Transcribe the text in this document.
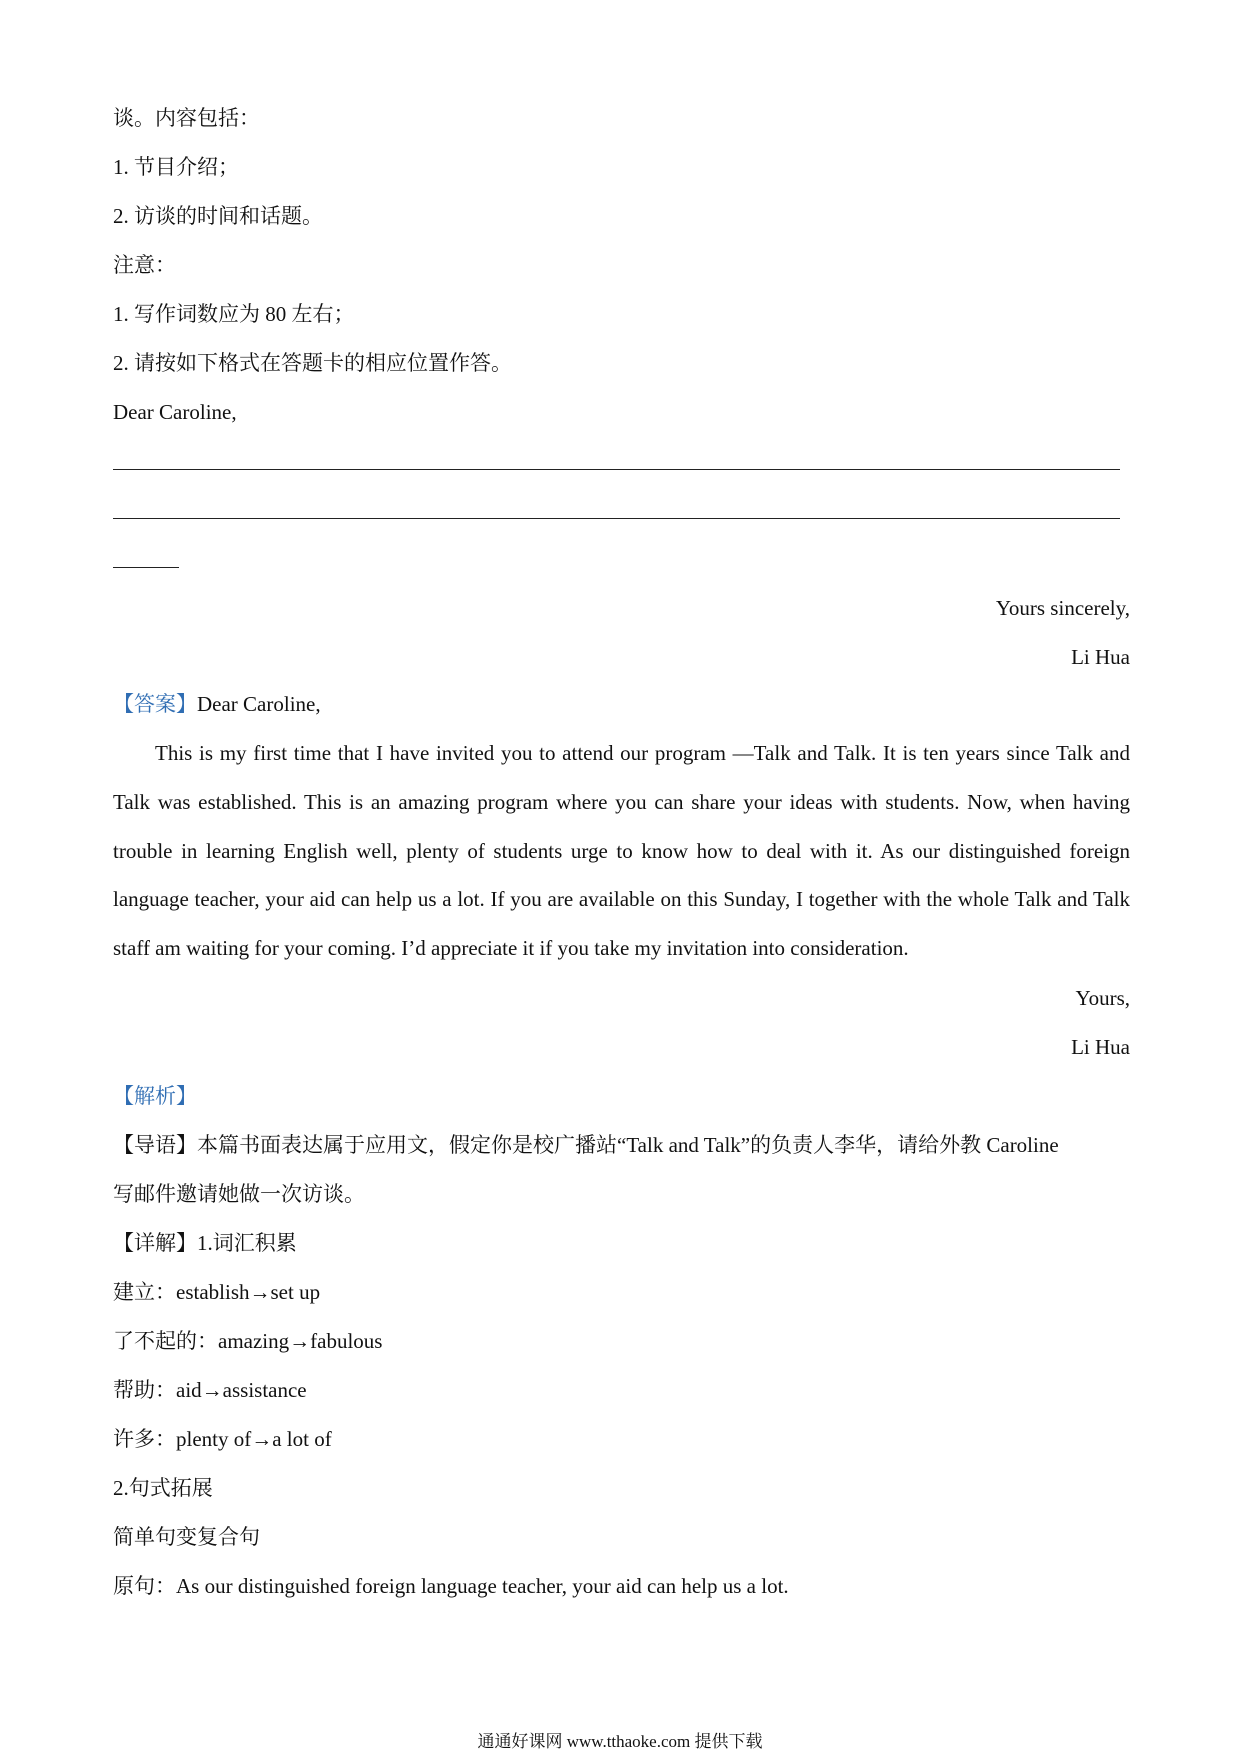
谈。内容包括：
1. 节目介绍；
2. 访谈的时间和话题。
注意：
1. 写作词数应为 80 左右；
2. 请按如下格式在答题卡的相应位置作答。
Dear Caroline,
Yours sincerely,
Li Hua
【答案】Dear Caroline,
This is my first time that I have invited you to attend our program —Talk and Talk. It is ten years since Talk and Talk was established. This is an amazing program where you can share your ideas with students. Now, when having trouble in learning English well, plenty of students urge to know how to deal with it. As our distinguished foreign language teacher, your aid can help us a lot. If you are available on this Sunday, I together with the whole Talk and Talk staff am waiting for your coming. I’d appreciate it if you take my invitation into consideration.
Yours,
Li Hua
【解析】
【导语】本篇书面表达属于应用文，假定你是校广播站“Talk and Talk”的负责人李华，请给外教 Caroline
写邮件邀请她做一次访谈。
【详解】1.词汇积累
建立：establish→set up
了不起的：amazing→fabulous
帮助：aid→assistance
许多：plenty of→a lot of
2.句式拓展
简单句变复合句
原句：As our distinguished foreign language teacher, your aid can help us a lot.
通通好课网 www.tthaoke.com 提供下载
